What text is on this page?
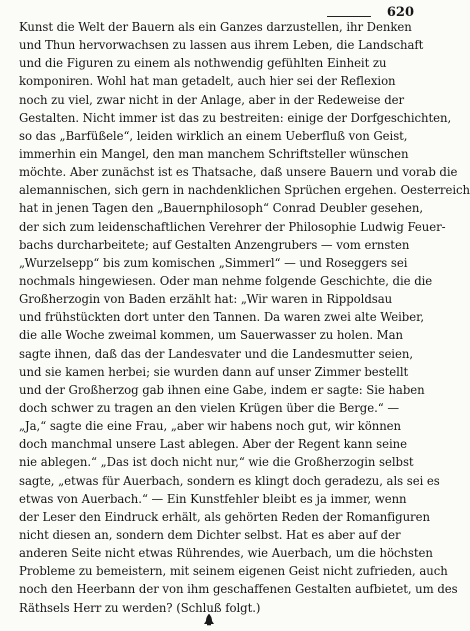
620
Kunst die Welt der Bauern als ein Ganzes darzustellen, ihr Denken
und Thun hervorwachsen zu lassen aus ihrem Leben, die Landschaft
und die Figuren zu einem als nothwendig gefühlten Einheit zu
komponiren. Wohl hat man getadelt, auch hier sei der Reflexion
noch zu viel, zwar nicht in der Anlage, aber in der Redeweise der
Gestalten. Nicht immer ist das zu bestreiten: einige der Dorfgeschichten,
so das „Barfüßele“, leiden wirklich an einem Ueberfluß von Geist,
immerhin ein Mangel, den man manchem Schriftsteller wünschen
möchte. Aber zunächst ist es Thatsache, daß unsere Bauern und vorab die
alemannischen, sich gern in nachdenklichen Sprüchen ergehen. Oesterreich
hat in jenen Tagen den „Bauernphilosoph“ Conrad Deubler gesehen,
der sich zum leidenschaftlichen Verehrer der Philosophie Ludwig Feuer-
bachs durcharbeitete; auf Gestalten Anzengrubers — vom ernsten
„Wurzelsepp“ bis zum komischen „Simmerl“ — und Roseggers sei
nochmals hingewiesen. Oder man nehme folgende Geschichte, die die
Großherzogin von Baden erzählt hat: „Wir waren in Rippoldsau
und frühstückten dort unter den Tannen. Da waren zwei alte Weiber,
die alle Woche zweimal kommen, um Sauerwasser zu holen. Man
sagte ihnen, daß das der Landesvater und die Landesmutter seien,
und sie kamen herbei; sie wurden dann auf unser Zimmer bestellt
und der Großherzog gab ihnen eine Gabe, indem er sagte: Sie haben
doch schwer zu tragen an den vielen Krügen über die Berge.“ —
„Ja,“ sagte die eine Frau, „aber wir habens noch gut, wir können
doch manchmal unsere Last ablegen. Aber der Regent kann seine
nie ablegen.“ „Das ist doch nicht nur,“ wie die Großherzogin selbst
sagte, „etwas für Auerbach, sondern es klingt doch geradezu, als sei es
etwas von Auerbach.“ — Ein Kunstfehler bleibt es ja immer, wenn
der Leser den Eindruck erhält, als gehörten Reden der Romanfiguren
nicht diesen an, sondern dem Dichter selbst. Hat es aber auf der
anderen Seite nicht etwas Rührendes, wie Auerbach, um die höchsten
Probleme zu bemeistern, mit seinem eigenen Geist nicht zufrieden, auch
noch den Heerbann der von ihm geschaffenen Gestalten aufbietet, um des
Räthsels Herr zu werden? (Schluß folgt.)
